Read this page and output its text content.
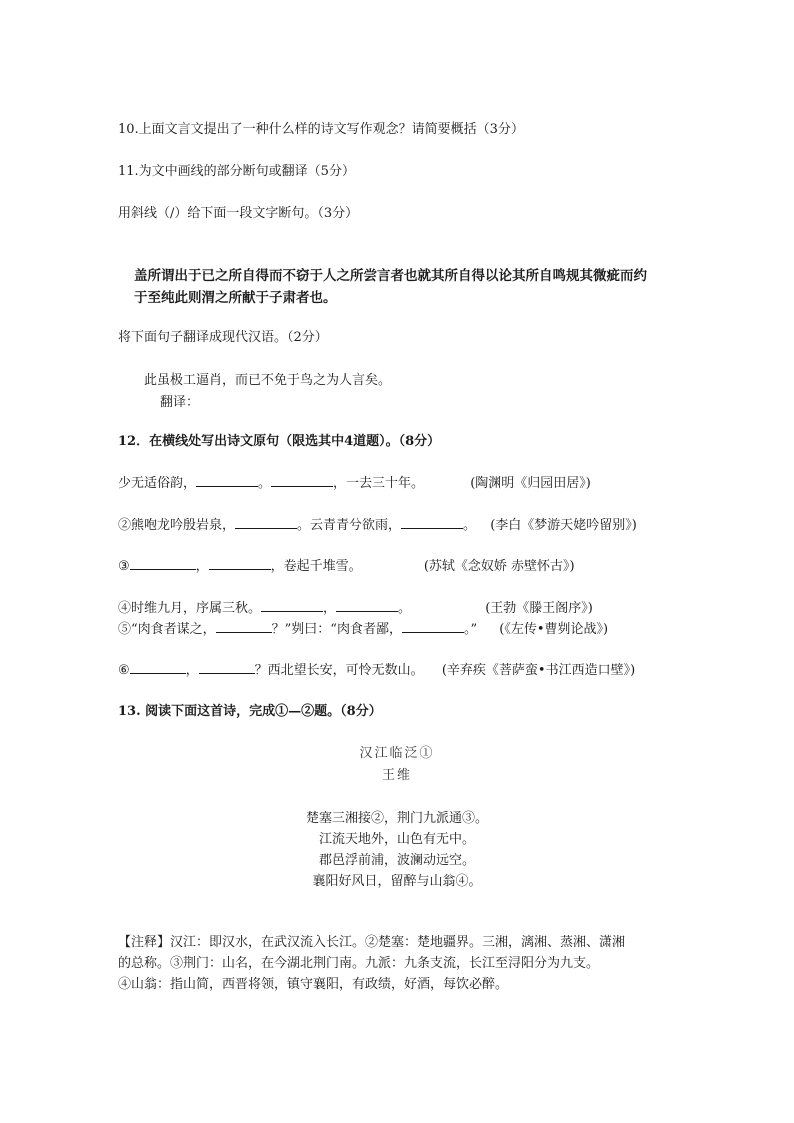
10.上面文言文提出了一种什么样的诗文写作观念？请简要概括（3分）
11.为文中画线的部分断句或翻译（5分）
用斜线（/）给下面一段文字断句。（3分）
盖所谓出于已之所自得而不窃于人之所尝言者也就其所自得以论其所自鸣规其微疵而约
于至纯此则渭之所献于子肃者也。
将下面句子翻译成现代汉语。（2分）
此虽极工逼肖，而已不免于鸟之为人言矣。
翻译：
12．在横线处写出诗文原句（限选其中4道题）。（8分）
少无适俗韵，	。	，一去三十年。	(陶渊明《归园田居》)
②熊咆龙吟殷岩泉，	。云青青兮欲雨，	。 (李白《梦游天姥吟留别》)
③	，	，卷起千堆雪。	(苏轼《念奴娇 赤壁怀古》)
④时维九月，序属三秋。	，	。	(王勃《滕王阁序》)
⑤“肉食者谋之，	？”刿曰：“肉食者鄙，	。” (《左传•曹刿论战》)
⑥	，	？西北望长安，可怜无数山。 (辛弃疾《菩萨蛮•书江西造口壁》)
13. 阅读下面这首诗，完成①—②题。（8分）
汉江临泛①
王维
楚塞三湘接②，荆门九派通③。
江流天地外，山色有无中。
郡邑浮前浦，波澜动远空。
襄阳好风日，留醉与山翁④。
【注释】汉江：即汉水，在武汉流入长江。②楚塞：楚地疆界。三湘，漓湘、蒸湘、潇湘
的总称。③荆门：山名，在今湖北荆门南。九派：九条支流，长江至浔阳分为九支。
④山翁：指山简，西晋将领，镇守襄阳，有政绩，好酒，每饮必醉。
